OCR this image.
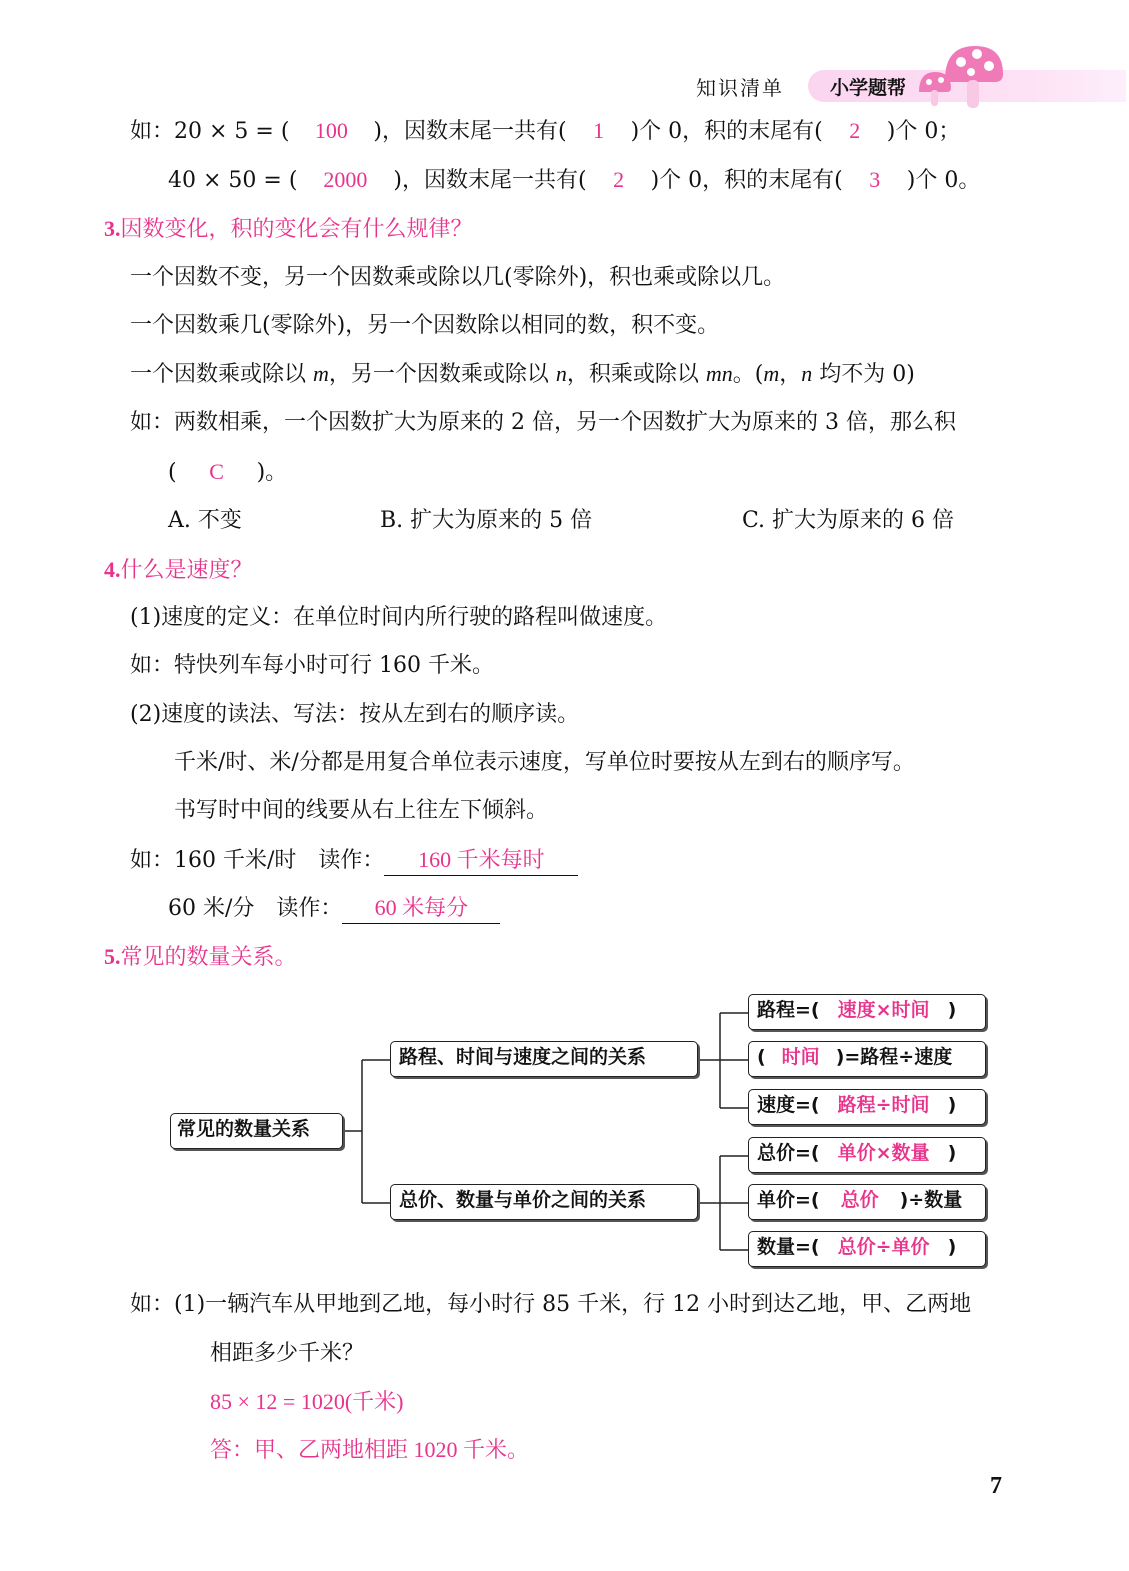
知识清单 小学题帮
如：20 × 5 = ( 100 )，因数末尾一共有( 1 )个 0，积的末尾有( 2 )个 0；
40 × 50 = ( 2000 )，因数末尾一共有( 2 )个 0，积的末尾有( 3 )个 0。
3.因数变化，积的变化会有什么规律？
一个因数不变，另一个因数乘或除以几(零除外)，积也乘或除以几。
一个因数乘几(零除外)，另一个因数除以相同的数，积不变。
一个因数乘或除以 m，另一个因数乘或除以 n，积乘或除以 mn。(m，n 均不为 0)
如：两数相乘，一个因数扩大为原来的 2 倍，另一个因数扩大为原来的 3 倍，那么积
( C )。
A. 不变	B. 扩大为原来的 5 倍	C. 扩大为原来的 6 倍
4.什么是速度？
(1)速度的定义：在单位时间内所行驶的路程叫做速度。
如：特快列车每小时可行 160 千米。
(2)速度的读法、写法：按从左到右的顺序读。
千米/时、米/分都是用复合单位表示速度，写单位时要按从左到右的顺序写。
书写时中间的线要从右上往左下倾斜。
如：160 千米/时　读作： 160 千米每时
60 米/分　读作： 60 米每分
5.常见的数量关系。
常见的数量关系
路程、时间与速度之间的关系
总价、数量与单价之间的关系
路程=( 速度×时间 )
( 时间 )=路程÷速度
速度=( 路程÷时间 )
总价=( 单价×数量 )
单价=( 总价 )÷数量
数量=( 总价÷单价 )
如：(1)一辆汽车从甲地到乙地，每小时行 85 千米，行 12 小时到达乙地，甲、乙两地
相距多少千米？
85 × 12 = 1020(千米)
答：甲、乙两地相距 1020 千米。
7
